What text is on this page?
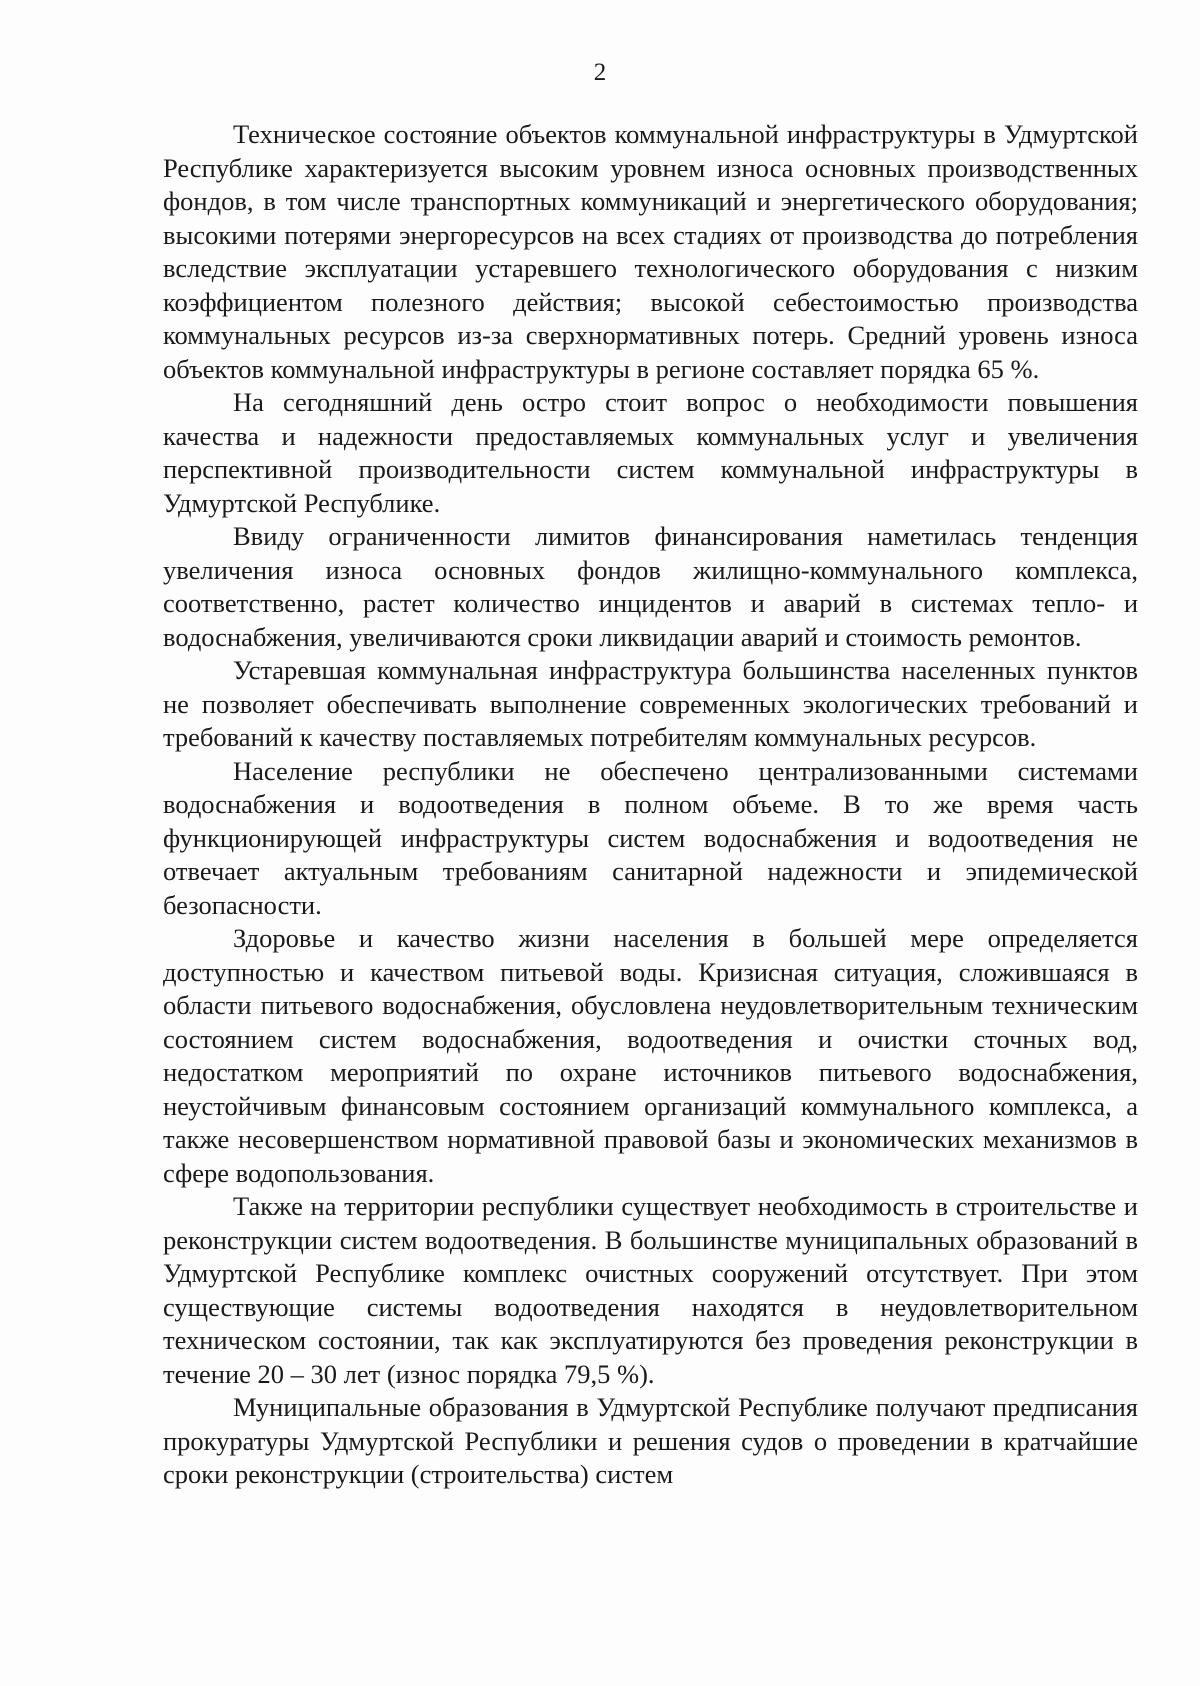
2

Техническое состояние объектов коммунальной инфраструктуры в Удмуртской Республике характеризуется высоким уровнем износа основных производственных фондов, в том числе транспортных коммуникаций и энергетического оборудования; высокими потерями энергоресурсов на всех стадиях от производства до потребления вследствие эксплуатации устаревшего технологического оборудования с низким коэффициентом полезного действия; высокой себестоимостью производства коммунальных ресурсов из-за сверхнормативных потерь. Средний уровень износа объектов коммунальной инфраструктуры в регионе составляет порядка 65 %.

На сегодняшний день остро стоит вопрос о необходимости повышения качества и надежности предоставляемых коммунальных услуг и увеличения перспективной производительности систем коммунальной инфраструктуры в Удмуртской Республике.

Ввиду ограниченности лимитов финансирования наметилась тенденция увеличения износа основных фондов жилищно-коммунального комплекса, соответственно, растет количество инцидентов и аварий в системах тепло- и водоснабжения, увеличиваются сроки ликвидации аварий и стоимость ремонтов.

Устаревшая коммунальная инфраструктура большинства населенных пунктов не позволяет обеспечивать выполнение современных экологических требований и требований к качеству поставляемых потребителям коммунальных ресурсов.

Население республики не обеспечено централизованными системами водоснабжения и водоотведения в полном объеме. В то же время часть функционирующей инфраструктуры систем водоснабжения и водоотведения не отвечает актуальным требованиям санитарной надежности и эпидемической безопасности.

Здоровье и качество жизни населения в большей мере определяется доступностью и качеством питьевой воды. Кризисная ситуация, сложившаяся в области питьевого водоснабжения, обусловлена неудовлетворительным техническим состоянием систем водоснабжения, водоотведения и очистки сточных вод, недостатком мероприятий по охране источников питьевого водоснабжения, неустойчивым финансовым состоянием организаций коммунального комплекса, а также несовершенством нормативной правовой базы и экономических механизмов в сфере водопользования.

Также на территории республики существует необходимость в строительстве и реконструкции систем водоотведения. В большинстве муниципальных образований в Удмуртской Республике комплекс очистных сооружений отсутствует. При этом существующие системы водоотведения находятся в неудовлетворительном техническом состоянии, так как эксплуатируются без проведения реконструкции в течение 20 – 30 лет (износ порядка 79,5 %).

Муниципальные образования в Удмуртской Республике получают предписания прокуратуры Удмуртской Республики и решения судов о проведении в кратчайшие сроки реконструкции (строительства) систем
